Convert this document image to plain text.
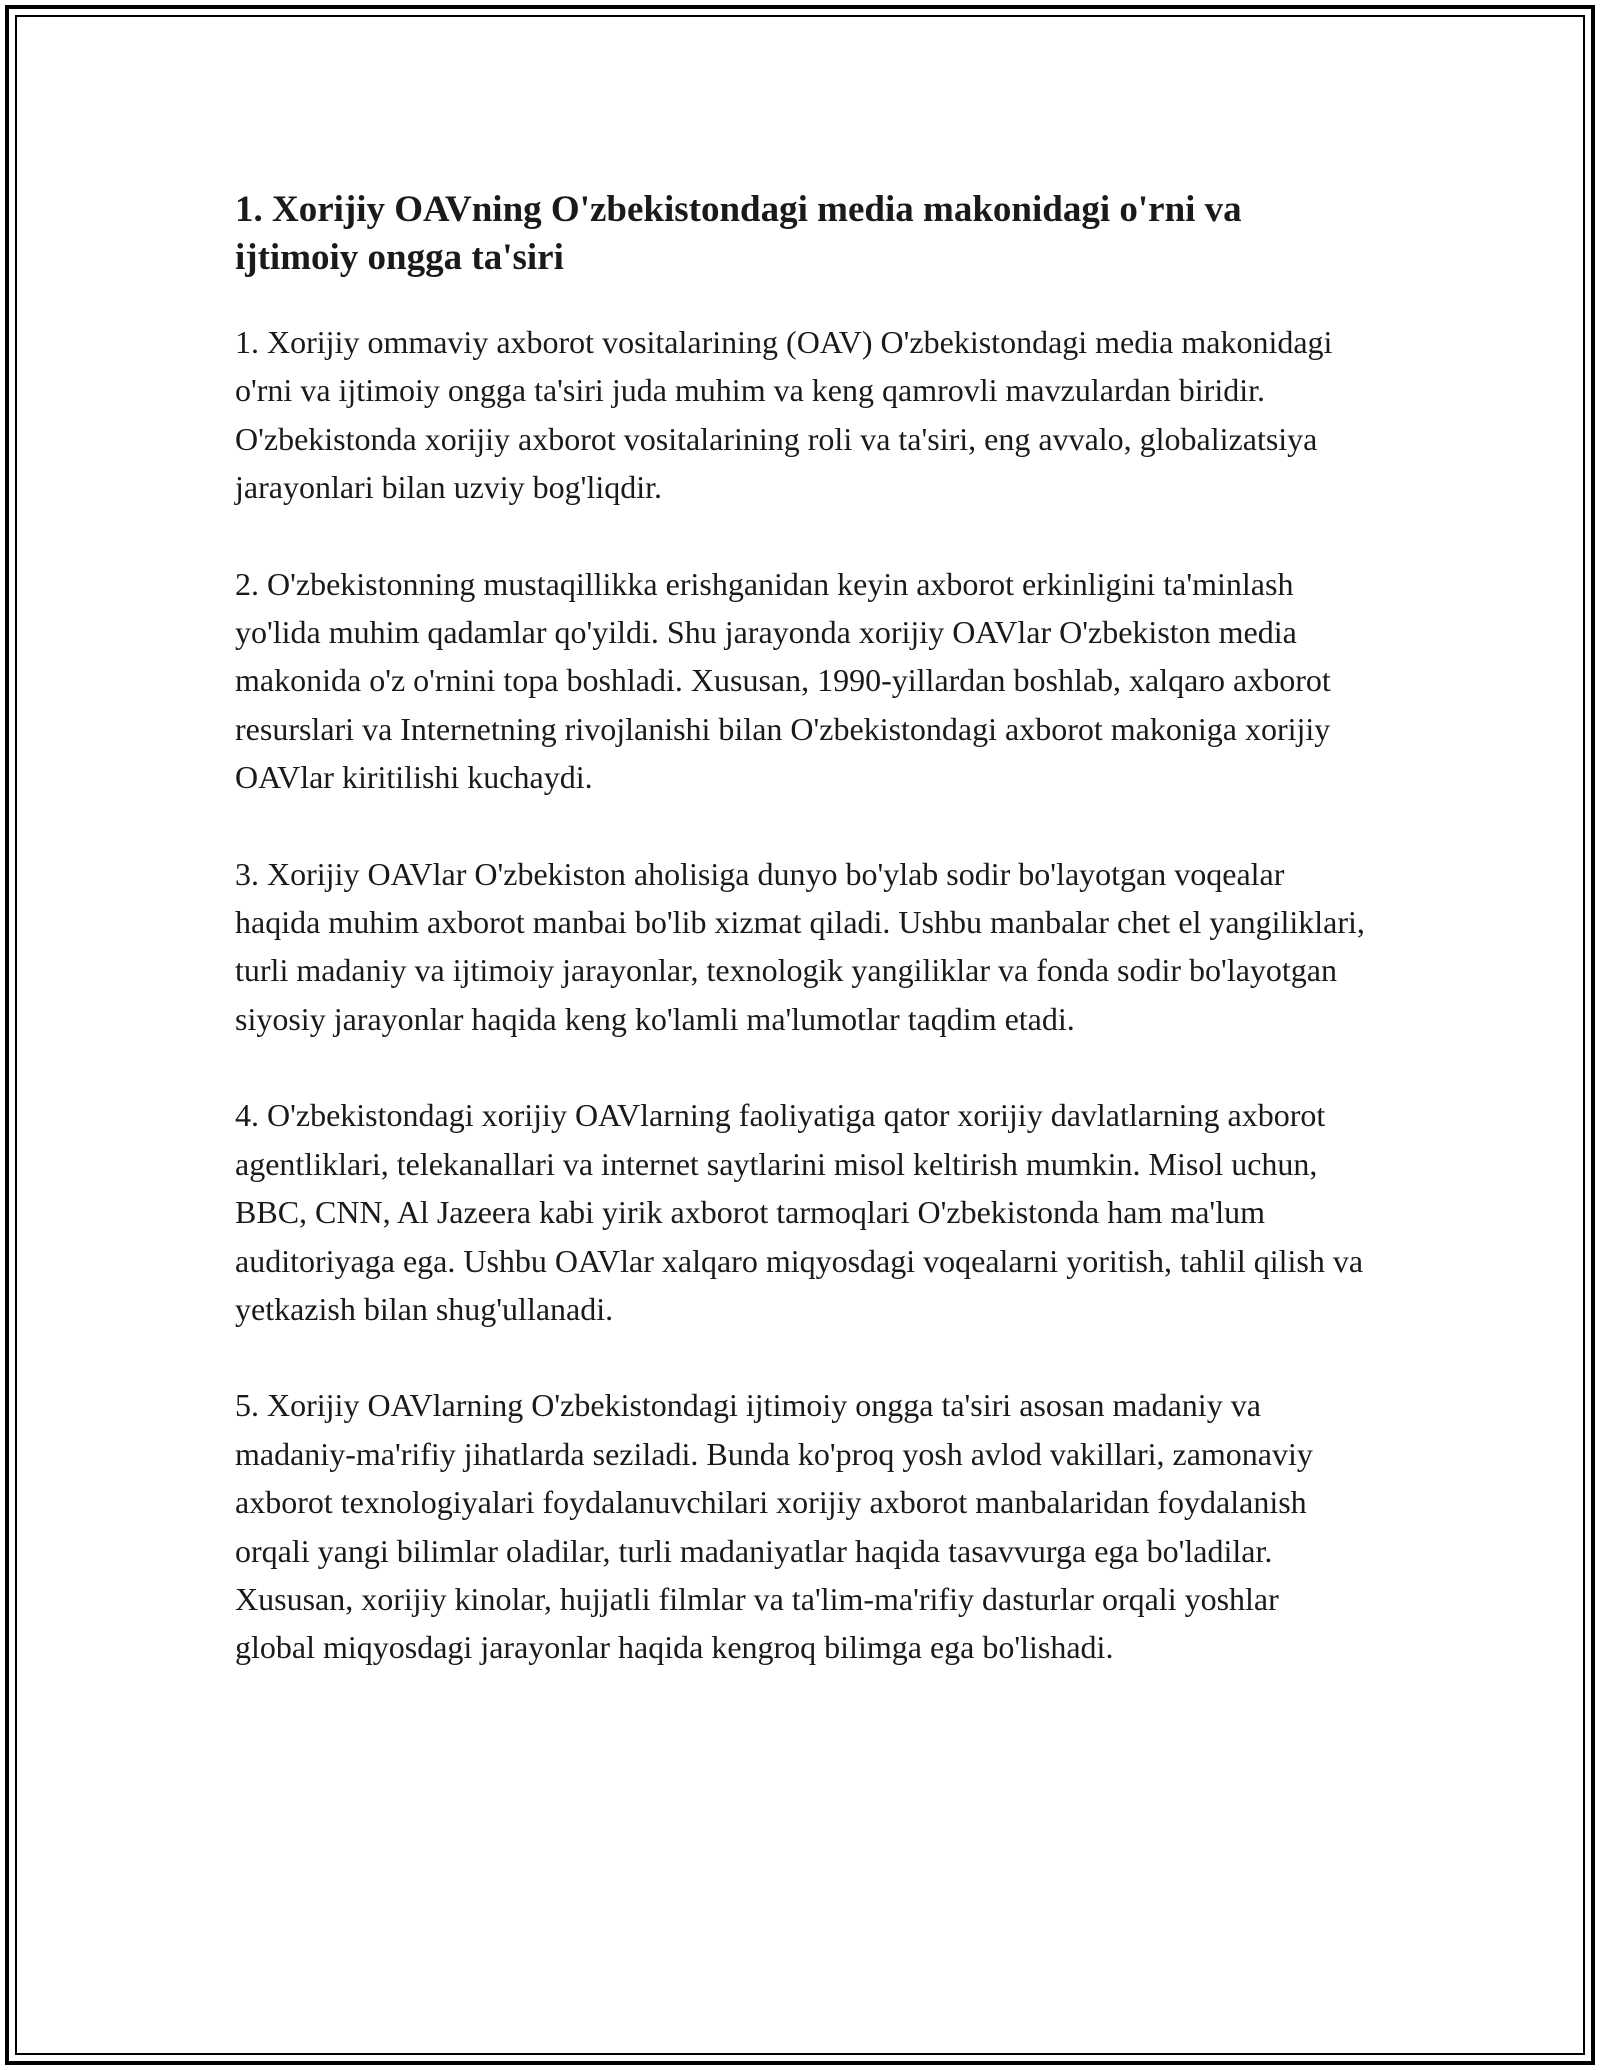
1. Xorijiy OAVning O'zbekistondagi media makonidagi o'rni va ijtimoiy ongga ta'siri

1. Xorijiy ommaviy axborot vositalarining (OAV) O'zbekistondagi media makonidagi o'rni va ijtimoiy ongga ta'siri juda muhim va keng qamrovli mavzulardan biridir. O'zbekistonda xorijiy axborot vositalarining roli va ta'siri, eng avvalo, globalizatsiya jarayonlari bilan uzviy bog'liqdir.

2. O'zbekistonning mustaqillikka erishganidan keyin axborot erkinligini ta'minlash yo'lida muhim qadamlar qo'yildi. Shu jarayonda xorijiy OAVlar O'zbekiston media makonida o'z o'rnini topa boshladi. Xususan, 1990-yillardan boshlab, xalqaro axborot resurslari va Internetning rivojlanishi bilan O'zbekistondagi axborot makoniga xorijiy OAVlar kiritilishi kuchaydi.

3. Xorijiy OAVlar O'zbekiston aholisiga dunyo bo'ylab sodir bo'layotgan voqealar haqida muhim axborot manbai bo'lib xizmat qiladi. Ushbu manbalar chet el yangiliklari, turli madaniy va ijtimoiy jarayonlar, texnologik yangiliklar va fonda sodir bo'layotgan siyosiy jarayonlar haqida keng ko'lamli ma'lumotlar taqdim etadi.

4. O'zbekistondagi xorijiy OAVlarning faoliyatiga qator xorijiy davlatlarning axborot agentliklari, telekanallari va internet saytlarini misol keltirish mumkin. Misol uchun, BBC, CNN, Al Jazeera kabi yirik axborot tarmoqlari O'zbekistonda ham ma'lum auditoriyaga ega. Ushbu OAVlar xalqaro miqyosdagi voqealarni yoritish, tahlil qilish va yetkazish bilan shug'ullanadi.

5. Xorijiy OAVlarning O'zbekistondagi ijtimoiy ongga ta'siri asosan madaniy va madaniy-ma'rifiy jihatlarda seziladi. Bunda ko'proq yosh avlod vakillari, zamonaviy axborot texnologiyalari foydalanuvchilari xorijiy axborot manbalaridan foydalanish orqali yangi bilimlar oladilar, turli madaniyatlar haqida tasavvurga ega bo'ladilar. Xususan, xorijiy kinolar, hujjatli filmlar va ta'lim-ma'rifiy dasturlar orqali yoshlar global miqyosdagi jarayonlar haqida kengroq bilimga ega bo'lishadi.
